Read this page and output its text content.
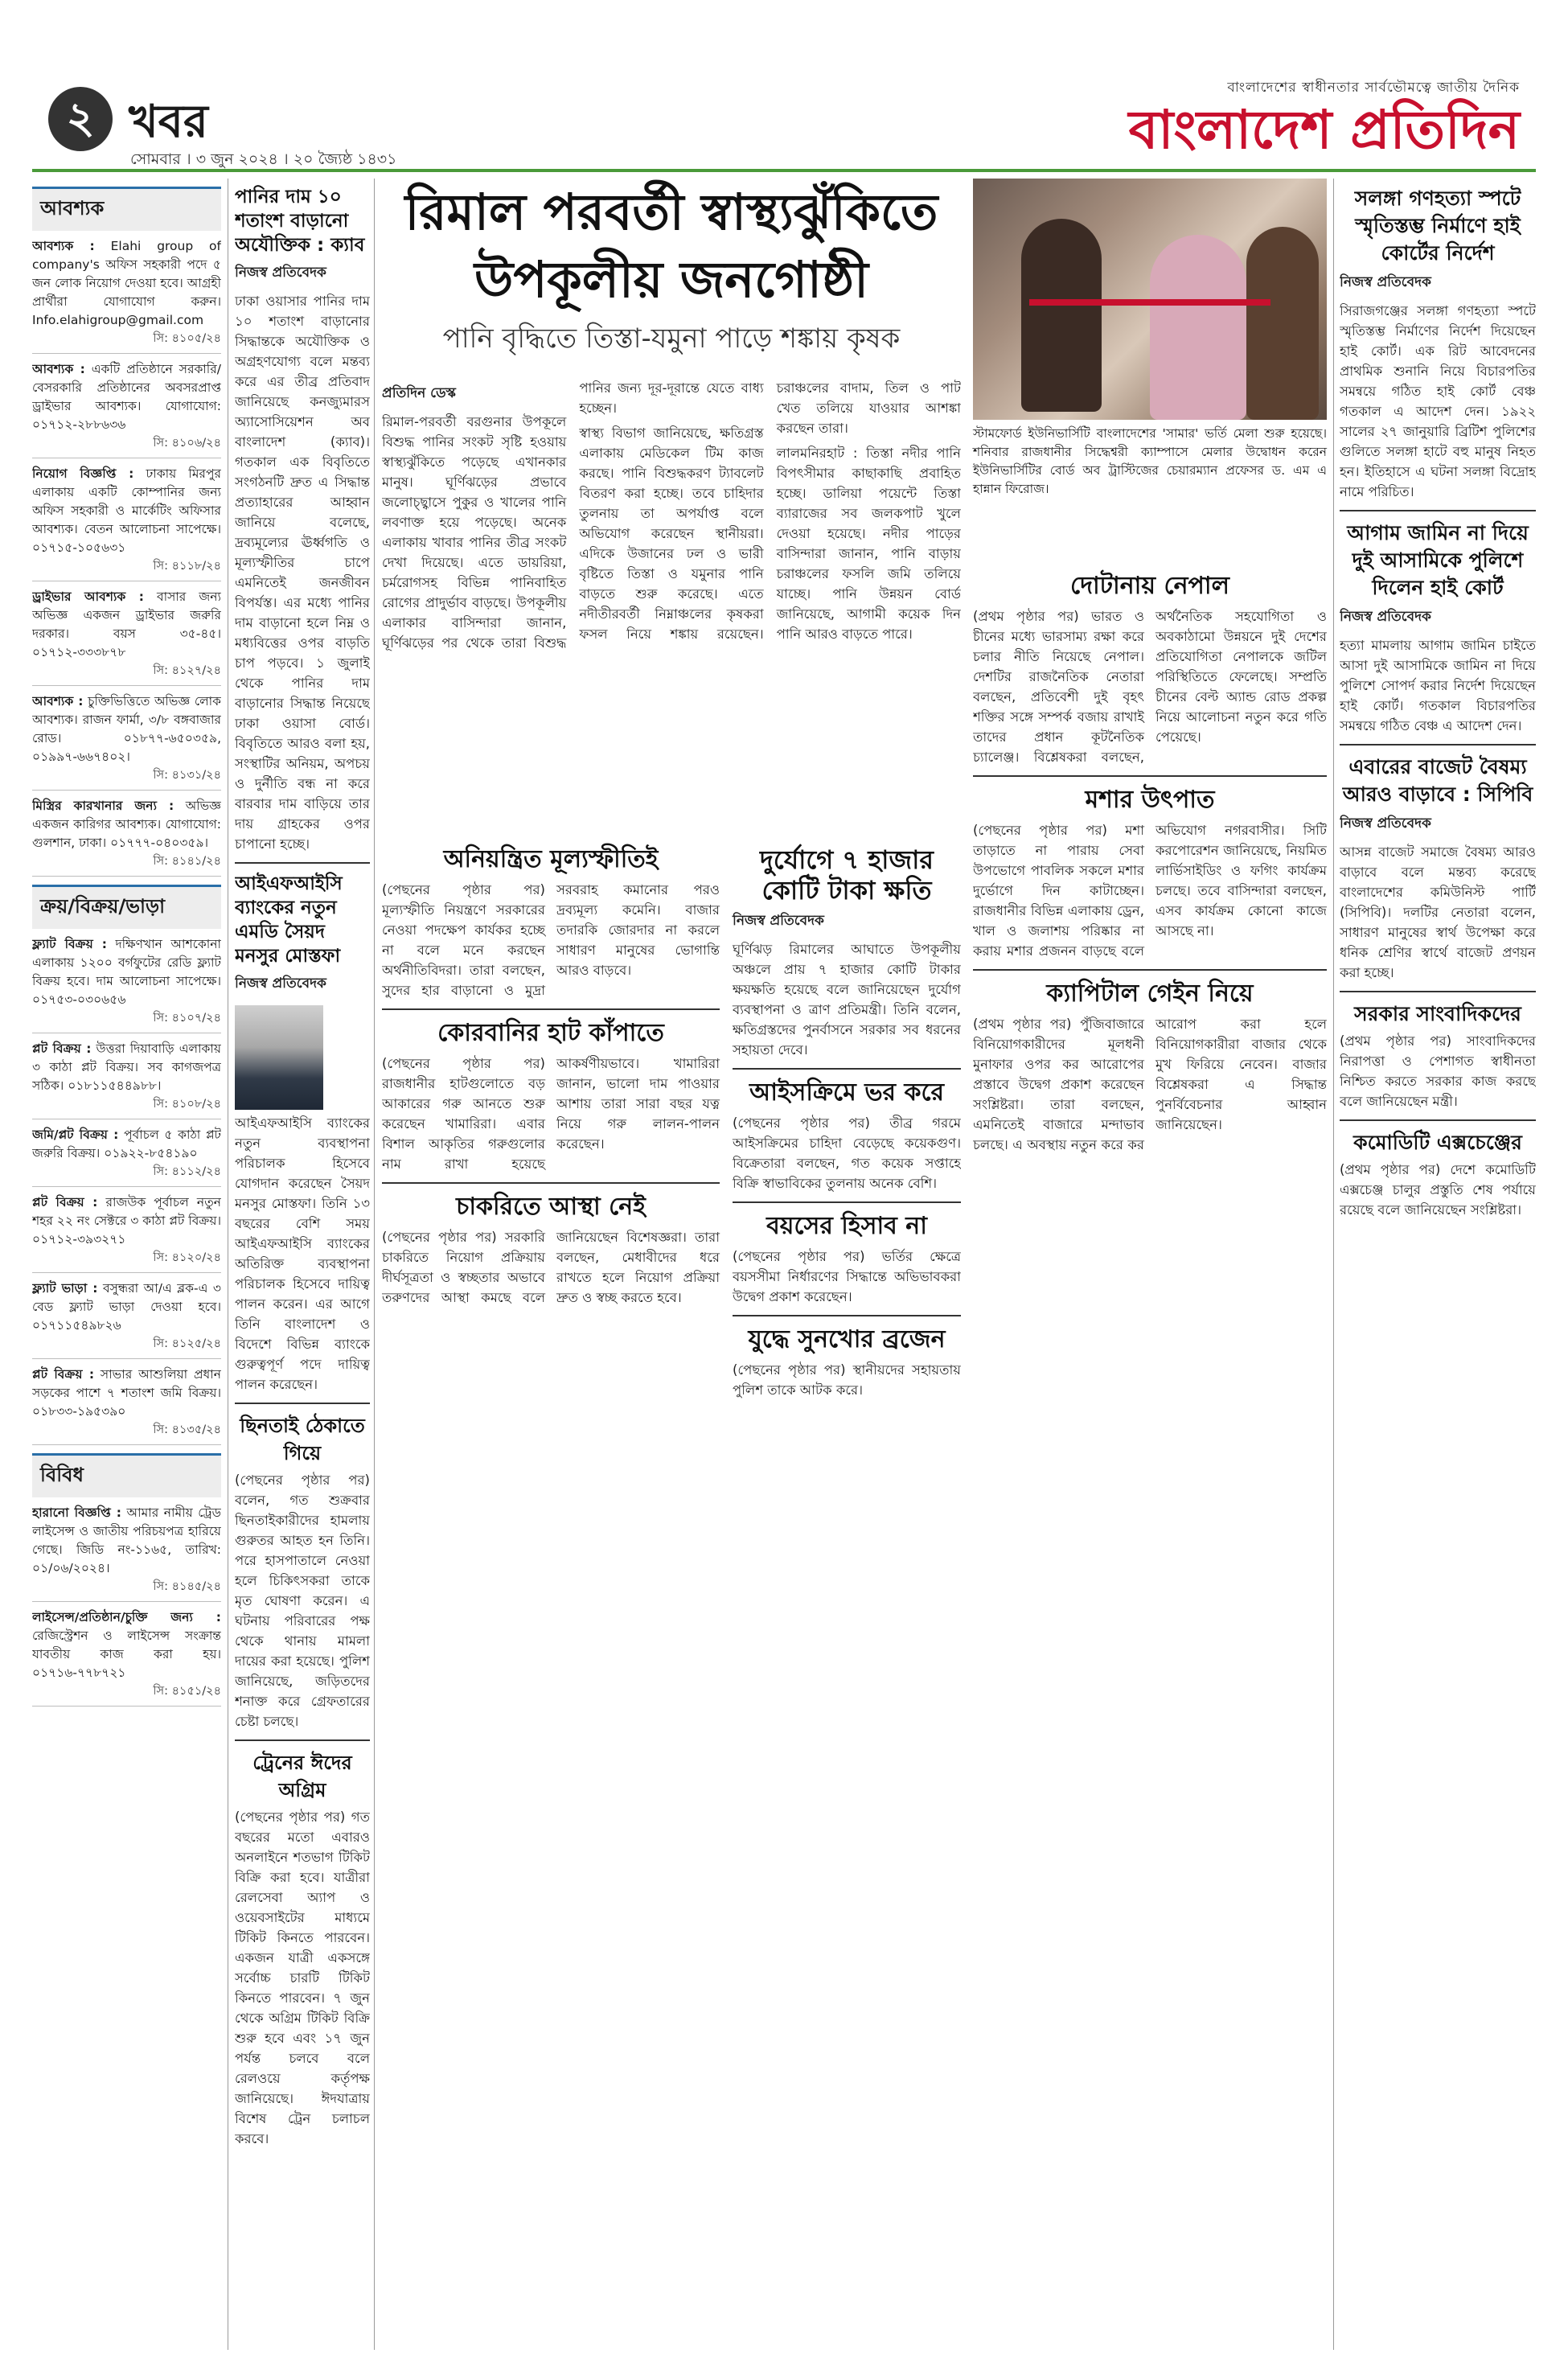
২ খবর
সোমবার । ৩ জুন ২০২৪ । ২০ জ্যৈষ্ঠ ১৪৩১
বাংলাদেশের স্বাধীনতার সার্বভৌমত্বে জাতীয় দৈনিক
বাংলাদেশ প্রতিদিন
আবশ্যক
আবশ্যক : Elahi group of company's অফিস সহকারী পদে ৫ জন লোক নিয়োগ দেওয়া হবে। আগ্রহী প্রার্থীরা যোগাযোগ করুন। Info.elahigroup@gmail.com
সি: ৪১০৫/২৪
আবশ্যক : একটি প্রতিষ্ঠানে সরকারি/বেসরকারি প্রতিষ্ঠানের অবসরপ্রাপ্ত ড্রাইভার আবশ্যক। যোগাযোগ: ০১৭১২-২৮৮৬৩৬
সি: ৪১০৬/২৪
নিয়োগ বিজ্ঞপ্তি : ঢাকায় মিরপুর এলাকায় একটি কোম্পানির জন্য অফিস সহকারী ও মার্কেটিং অফিসার আবশ্যক। বেতন আলোচনা সাপেক্ষে। ০১৭১৫-১০৫৬৩১
সি: ৪১১৮/২৪
ড্রাইভার আবশ্যক : বাসার জন্য অভিজ্ঞ একজন ড্রাইভার জরুরি দরকার। বয়স ৩৫-৪৫। ০১৭১২-৩৩৩৮৭৮
সি: ৪১২৭/২৪
আবশ্যক : চুক্তিভিত্তিতে অভিজ্ঞ লোক আবশ্যক। রাজন ফার্মা, ৩/৮ বঙ্গবাজার রোড। ০১৮৭৭-৬৫০৩৫৯, ০১৯৯৭-৬৬৭৪০২।
সি: ৪১৩১/২৪
মিস্ত্রির কারখানার জন্য : অভিজ্ঞ একজন কারিগর আবশ্যক। যোগাযোগ: গুলশান, ঢাকা। ০১৭৭৭-০৪০৩৫৯।
সি: ৪১৪১/২৪
ক্রয়/বিক্রয়/ভাড়া
ফ্ল্যাট বিক্রয় : দক্ষিণখান আশকোনা এলাকায় ১২০০ বর্গফুটের রেডি ফ্ল্যাট বিক্রয় হবে। দাম আলোচনা সাপেক্ষে। ০১৭৫৩-০৩০৬৫৬
সি: ৪১০৭/২৪
প্লট বিক্রয় : উত্তরা দিয়াবাড়ি এলাকায় ৩ কাঠা প্লট বিক্রয়। সব কাগজপত্র সঠিক। ০১৮১১৫৪৪৯৮৮।
সি: ৪১০৮/২৪
জমি/প্লট বিক্রয় : পূর্বাচল ৫ কাঠা প্লট জরুরি বিক্রয়। ০১৯২২-৮৫৪১৯০
সি: ৪১১২/২৪
প্লট বিক্রয় : রাজউক পূর্বাচল নতুন শহর ২২ নং সেক্টরে ৩ কাঠা প্লট বিক্রয়। ০১৭১২-৩৯৩২৭১
সি: ৪১২০/২৪
ফ্ল্যাট ভাড়া : বসুন্ধরা আ/এ ব্লক-এ ৩ বেড ফ্ল্যাট ভাড়া দেওয়া হবে। ০১৭১১৫৪৯৮২৬
সি: ৪১২৫/২৪
প্লট বিক্রয় : সাভার আশুলিয়া প্রধান সড়কের পাশে ৭ শতাংশ জমি বিক্রয়। ০১৮৩৩-১৯৫৩৯০
সি: ৪১৩৫/২৪
বিবিধ
হারানো বিজ্ঞপ্তি : আমার নামীয় ট্রেড লাইসেন্স ও জাতীয় পরিচয়পত্র হারিয়ে গেছে। জিডি নং-১১৬৫, তারিখ: ০১/০৬/২০২৪।
সি: ৪১৪৫/২৪
লাইসেন্স/প্রতিষ্ঠান/চুক্তি জন্য : রেজিস্ট্রেশন ও লাইসেন্স সংক্রান্ত যাবতীয় কাজ করা হয়। ০১৭১৬-৭৭৮৭২১
সি: ৪১৫১/২৪
পানির দাম ১০ শতাংশ বাড়ানো অযৌক্তিক : ক্যাব
নিজস্ব প্রতিবেদক
ঢাকা ওয়াসার পানির দাম ১০ শতাংশ বাড়ানোর সিদ্ধান্তকে অযৌক্তিক ও অগ্রহণযোগ্য বলে মন্তব্য করে এর তীব্র প্রতিবাদ জানিয়েছে কনজ্যুমারস অ্যাসোসিয়েশন অব বাংলাদেশ (ক্যাব)। গতকাল এক বিবৃতিতে সংগঠনটি দ্রুত এ সিদ্ধান্ত প্রত্যাহারের আহ্বান জানিয়ে বলেছে, দ্রব্যমূল্যের ঊর্ধ্বগতি ও মূল্যস্ফীতির চাপে এমনিতেই জনজীবন বিপর্যস্ত। এর মধ্যে পানির দাম বাড়ানো হলে নিম্ন ও মধ্যবিত্তের ওপর বাড়তি চাপ পড়বে। ১ জুলাই থেকে পানির দাম বাড়ানোর সিদ্ধান্ত নিয়েছে ঢাকা ওয়াসা বোর্ড। বিবৃতিতে আরও বলা হয়, সংস্থাটির অনিয়ম, অপচয় ও দুর্নীতি বন্ধ না করে বারবার দাম বাড়িয়ে তার দায় গ্রাহকের ওপর চাপানো হচ্ছে।
আইএফআইসি ব্যাংকের নতুন এমডি সৈয়দ মনসুর মোস্তফা
নিজস্ব প্রতিবেদক
আইএফআইসি ব্যাংকের নতুন ব্যবস্থাপনা পরিচালক হিসেবে যোগদান করেছেন সৈয়দ মনসুর মোস্তফা। তিনি ১৩ বছরের বেশি সময় আইএফআইসি ব্যাংকের অতিরিক্ত ব্যবস্থাপনা পরিচালক হিসেবে দায়িত্ব পালন করেন। এর আগে তিনি বাংলাদেশ ও বিদেশে বিভিন্ন ব্যাংকে গুরুত্বপূর্ণ পদে দায়িত্ব পালন করেছেন।
ছিনতাই ঠেকাতে গিয়ে
(পেছনের পৃষ্ঠার পর) বলেন, গত শুক্রবার ছিনতাইকারীদের হামলায় গুরুতর আহত হন তিনি। পরে হাসপাতালে নেওয়া হলে চিকিৎসকরা তাকে মৃত ঘোষণা করেন। এ ঘটনায় পরিবারের পক্ষ থেকে থানায় মামলা দায়ের করা হয়েছে। পুলিশ জানিয়েছে, জড়িতদের শনাক্ত করে গ্রেফতারের চেষ্টা চলছে।
ট্রেনের ঈদের অগ্রিম
(পেছনের পৃষ্ঠার পর) গত বছরের মতো এবারও অনলাইনে শতভাগ টিকিট বিক্রি করা হবে। যাত্রীরা রেলসেবা অ্যাপ ও ওয়েবসাইটের মাধ্যমে টিকিট কিনতে পারবেন। একজন যাত্রী একসঙ্গে সর্বোচ্চ চারটি টিকিট কিনতে পারবেন। ৭ জুন থেকে অগ্রিম টিকিট বিক্রি শুরু হবে এবং ১৭ জুন পর্যন্ত চলবে বলে রেলওয়ে কর্তৃপক্ষ জানিয়েছে। ঈদযাত্রায় বিশেষ ট্রেন চলাচল করবে।
রিমাল পরবর্তী স্বাস্থ্যঝুঁকিতে
উপকূলীয় জনগোষ্ঠী
পানি বৃদ্ধিতে তিস্তা-যমুনা পাড়ে শঙ্কায় কৃষক
প্রতিদিন ডেস্ক
রিমাল-পরবর্তী বরগুনার উপকূলে বিশুদ্ধ পানির সংকট সৃষ্টি হওয়ায় স্বাস্থ্যঝুঁকিতে পড়েছে এখানকার মানুষ। ঘূর্ণিঝড়ের প্রভাবে জলোচ্ছ্বাসে পুকুর ও খালের পানি লবণাক্ত হয়ে পড়েছে। অনেক এলাকায় খাবার পানির তীব্র সংকট দেখা দিয়েছে। এতে ডায়রিয়া, চর্মরোগসহ বিভিন্ন পানিবাহিত রোগের প্রাদুর্ভাব বাড়ছে। উপকূলীয় এলাকার বাসিন্দারা জানান, ঘূর্ণিঝড়ের পর থেকে তারা বিশুদ্ধ পানির জন্য দূর-দূরান্তে যেতে বাধ্য হচ্ছেন।
স্বাস্থ্য বিভাগ জানিয়েছে, ক্ষতিগ্রস্ত এলাকায় মেডিকেল টিম কাজ করছে। পানি বিশুদ্ধকরণ ট্যাবলেট বিতরণ করা হচ্ছে। তবে চাহিদার তুলনায় তা অপর্যাপ্ত বলে অভিযোগ করেছেন স্থানীয়রা। এদিকে উজানের ঢল ও ভারী বৃষ্টিতে তিস্তা ও যমুনার পানি বাড়তে শুরু করেছে। এতে নদীতীরবর্তী নিম্নাঞ্চলের কৃষকরা ফসল নিয়ে শঙ্কায় রয়েছেন। চরাঞ্চলের বাদাম, তিল ও পাট খেত তলিয়ে যাওয়ার আশঙ্কা করছেন তারা।
লালমনিরহাট : তিস্তা নদীর পানি বিপৎসীমার কাছাকাছি প্রবাহিত হচ্ছে। ডালিয়া পয়েন্টে তিস্তা ব্যারাজের সব জলকপাট খুলে দেওয়া হয়েছে। নদীর পাড়ের বাসিন্দারা জানান, পানি বাড়ায় চরাঞ্চলের ফসলি জমি তলিয়ে যাচ্ছে। পানি উন্নয়ন বোর্ড জানিয়েছে, আগামী কয়েক দিন পানি আরও বাড়তে পারে।
স্টামফোর্ড ইউনিভার্সিটি বাংলাদেশের 'সামার' ভর্তি মেলা শুরু হয়েছে। শনিবার রাজধানীর সিদ্ধেশ্বরী ক্যাম্পাসে মেলার উদ্বোধন করেন ইউনিভার্সিটির বোর্ড অব ট্রাস্টিজের চেয়ারম্যান প্রফেসর ড. এম এ হান্নান ফিরোজ।
অনিয়ন্ত্রিত মূল্যস্ফীতিই
(পেছনের পৃষ্ঠার পর) মূল্যস্ফীতি নিয়ন্ত্রণে সরকারের নেওয়া পদক্ষেপ কার্যকর হচ্ছে না বলে মনে করছেন অর্থনীতিবিদরা। তারা বলছেন, সুদের হার বাড়ানো ও মুদ্রা সরবরাহ কমানোর পরও দ্রব্যমূল্য কমেনি। বাজার তদারকি জোরদার না করলে সাধারণ মানুষের ভোগান্তি আরও বাড়বে।
কোরবানির হাট কাঁপাতে
(পেছনের পৃষ্ঠার পর) রাজধানীর হাটগুলোতে বড় আকারের গরু আনতে শুরু করেছেন খামারিরা। এবার বিশাল আকৃতির গরুগুলোর নাম রাখা হয়েছে আকর্ষণীয়ভাবে। খামারিরা জানান, ভালো দাম পাওয়ার আশায় তারা সারা বছর যত্ন নিয়ে গরু লালন-পালন করেছেন।
চাকরিতে আস্থা নেই
(পেছনের পৃষ্ঠার পর) সরকারি চাকরিতে নিয়োগ প্রক্রিয়ায় দীর্ঘসূত্রতা ও স্বচ্ছতার অভাবে তরুণদের আস্থা কমছে বলে জানিয়েছেন বিশেষজ্ঞরা। তারা বলছেন, মেধাবীদের ধরে রাখতে হলে নিয়োগ প্রক্রিয়া দ্রুত ও স্বচ্ছ করতে হবে।
দুর্যোগে ৭ হাজার কোটি টাকা ক্ষতি
নিজস্ব প্রতিবেদক
ঘূর্ণিঝড় রিমালের আঘাতে উপকূলীয় অঞ্চলে প্রায় ৭ হাজার কোটি টাকার ক্ষয়ক্ষতি হয়েছে বলে জানিয়েছেন দুর্যোগ ব্যবস্থাপনা ও ত্রাণ প্রতিমন্ত্রী। তিনি বলেন, ক্ষতিগ্রস্তদের পুনর্বাসনে সরকার সব ধরনের সহায়তা দেবে।
আইসক্রিমে ভর করে
(পেছনের পৃষ্ঠার পর) তীব্র গরমে আইসক্রিমের চাহিদা বেড়েছে কয়েকগুণ। বিক্রেতারা বলছেন, গত কয়েক সপ্তাহে বিক্রি স্বাভাবিকের তুলনায় অনেক বেশি।
বয়সের হিসাব না
(পেছনের পৃষ্ঠার পর) ভর্তির ক্ষেত্রে বয়সসীমা নির্ধারণের সিদ্ধান্তে অভিভাবকরা উদ্বেগ প্রকাশ করেছেন।
যুদ্ধে সুনখোর ব্রজেন
(পেছনের পৃষ্ঠার পর) স্থানীয়দের সহায়তায় পুলিশ তাকে আটক করে।
দোটানায় নেপাল
(প্রথম পৃষ্ঠার পর) ভারত ও চীনের মধ্যে ভারসাম্য রক্ষা করে চলার নীতি নিয়েছে নেপাল। দেশটির রাজনৈতিক নেতারা বলছেন, প্রতিবেশী দুই বৃহৎ শক্তির সঙ্গে সম্পর্ক বজায় রাখাই তাদের প্রধান কূটনৈতিক চ্যালেঞ্জ। বিশ্লেষকরা বলছেন, অর্থনৈতিক সহযোগিতা ও অবকাঠামো উন্নয়নে দুই দেশের প্রতিযোগিতা নেপালকে জটিল পরিস্থিতিতে ফেলেছে। সম্প্রতি চীনের বেল্ট অ্যান্ড রোড প্রকল্প নিয়ে আলোচনা নতুন করে গতি পেয়েছে।
মশার উৎপাত
(পেছনের পৃষ্ঠার পর) মশা তাড়াতে না পারায় সেবা উপভোগে পাবলিক সকলে মশার দুর্ভোগে দিন কাটাচ্ছেন। রাজধানীর বিভিন্ন এলাকায় ড্রেন, খাল ও জলাশয় পরিষ্কার না করায় মশার প্রজনন বাড়ছে বলে অভিযোগ নগরবাসীর। সিটি করপোরেশন জানিয়েছে, নিয়মিত লার্ভিসাইডিং ও ফগিং কার্যক্রম চলছে। তবে বাসিন্দারা বলছেন, এসব কার্যক্রম কোনো কাজে আসছে না।
ক্যাপিটাল গেইন নিয়ে
(প্রথম পৃষ্ঠার পর) পুঁজিবাজারে বিনিয়োগকারীদের মূলধনী মুনাফার ওপর কর আরোপের প্রস্তাবে উদ্বেগ প্রকাশ করেছেন সংশ্লিষ্টরা। তারা বলছেন, এমনিতেই বাজারে মন্দাভাব চলছে। এ অবস্থায় নতুন করে কর আরোপ করা হলে বিনিয়োগকারীরা বাজার থেকে মুখ ফিরিয়ে নেবেন। বাজার বিশ্লেষকরা এ সিদ্ধান্ত পুনর্বিবেচনার আহ্বান জানিয়েছেন।
সলঙ্গা গণহত্যা স্পটে স্মৃতিস্তম্ভ নির্মাণে হাই কোর্টের নির্দেশ
নিজস্ব প্রতিবেদক
সিরাজগঞ্জের সলঙ্গা গণহত্যা স্পটে স্মৃতিস্তম্ভ নির্মাণের নির্দেশ দিয়েছেন হাই কোর্ট। এক রিট আবেদনের প্রাথমিক শুনানি নিয়ে বিচারপতির সমন্বয়ে গঠিত হাই কোর্ট বেঞ্চ গতকাল এ আদেশ দেন। ১৯২২ সালের ২৭ জানুয়ারি ব্রিটিশ পুলিশের গুলিতে সলঙ্গা হাটে বহু মানুষ নিহত হন। ইতিহাসে এ ঘটনা সলঙ্গা বিদ্রোহ নামে পরিচিত।
আগাম জামিন না দিয়ে দুই আসামিকে পুলিশে দিলেন হাই কোর্ট
নিজস্ব প্রতিবেদক
হত্যা মামলায় আগাম জামিন চাইতে আসা দুই আসামিকে জামিন না দিয়ে পুলিশে সোপর্দ করার নির্দেশ দিয়েছেন হাই কোর্ট। গতকাল বিচারপতির সমন্বয়ে গঠিত বেঞ্চ এ আদেশ দেন।
এবারের বাজেট বৈষম্য আরও বাড়াবে : সিপিবি
নিজস্ব প্রতিবেদক
আসন্ন বাজেট সমাজে বৈষম্য আরও বাড়াবে বলে মন্তব্য করেছে বাংলাদেশের কমিউনিস্ট পার্টি (সিপিবি)। দলটির নেতারা বলেন, সাধারণ মানুষের স্বার্থ উপেক্ষা করে ধনিক শ্রেণির স্বার্থে বাজেট প্রণয়ন করা হচ্ছে।
সরকার সাংবাদিকদের
(প্রথম পৃষ্ঠার পর) সাংবাদিকদের নিরাপত্তা ও পেশাগত স্বাধীনতা নিশ্চিত করতে সরকার কাজ করছে বলে জানিয়েছেন মন্ত্রী।
কমোডিটি এক্সচেঞ্জের
(প্রথম পৃষ্ঠার পর) দেশে কমোডিটি এক্সচেঞ্জ চালুর প্রস্তুতি শেষ পর্যায়ে রয়েছে বলে জানিয়েছেন সংশ্লিষ্টরা।
